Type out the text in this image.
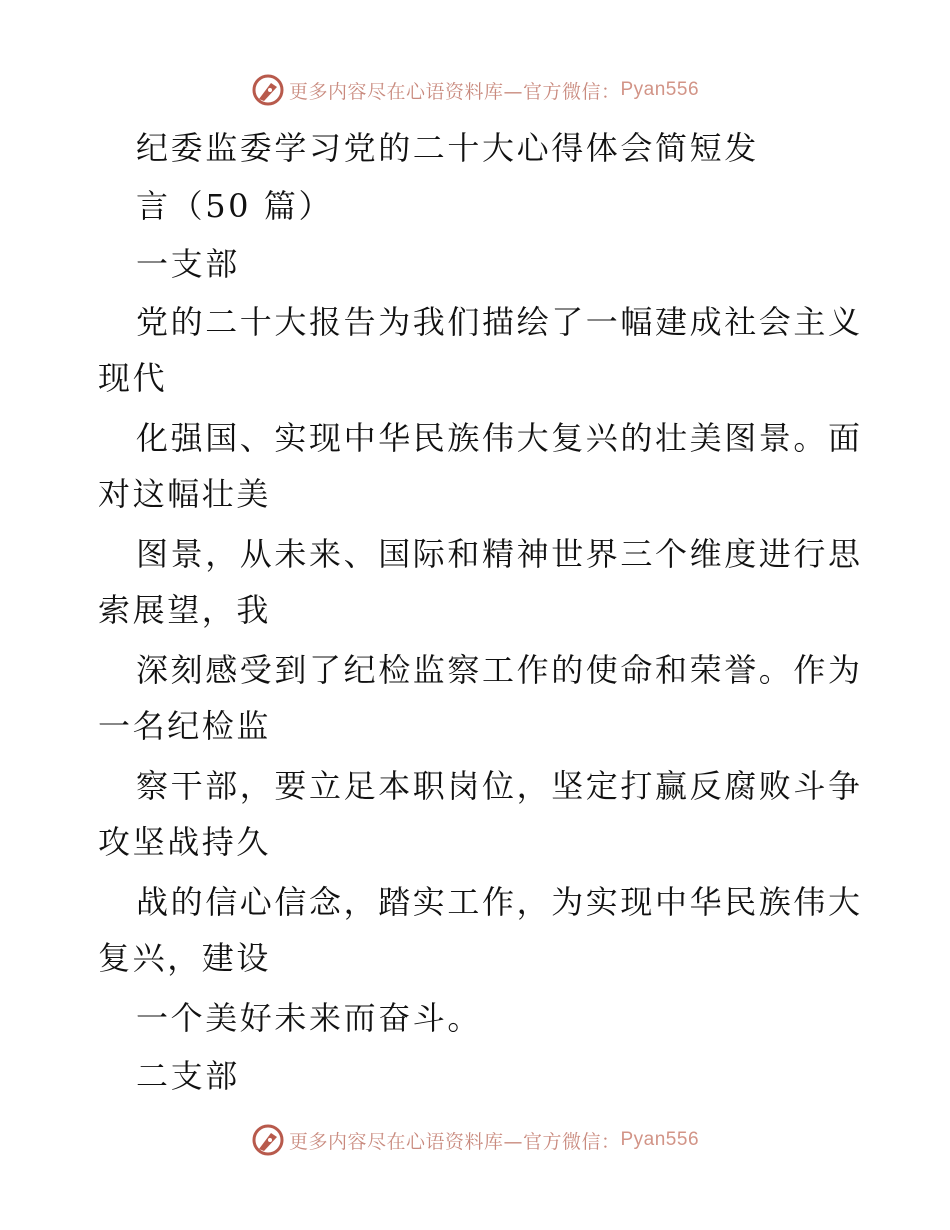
更多内容尽在心语资料库—官方微信： Pyan556
纪委监委学习党的二十大心得体会简短发
言（50 篇）
一支部
党的二十大报告为我们描绘了一幅建成社会主义
现代
化强国、实现中华民族伟大复兴的壮美图景。面
对这幅壮美
图景，从未来、国际和精神世界三个维度进行思
索展望，我
深刻感受到了纪检监察工作的使命和荣誉。作为
一名纪检监
察干部，要立足本职岗位，坚定打赢反腐败斗争
攻坚战持久
战的信心信念，踏实工作，为实现中华民族伟大
复兴，建设
一个美好未来而奋斗。
二支部
更多内容尽在心语资料库—官方微信： Pyan556
